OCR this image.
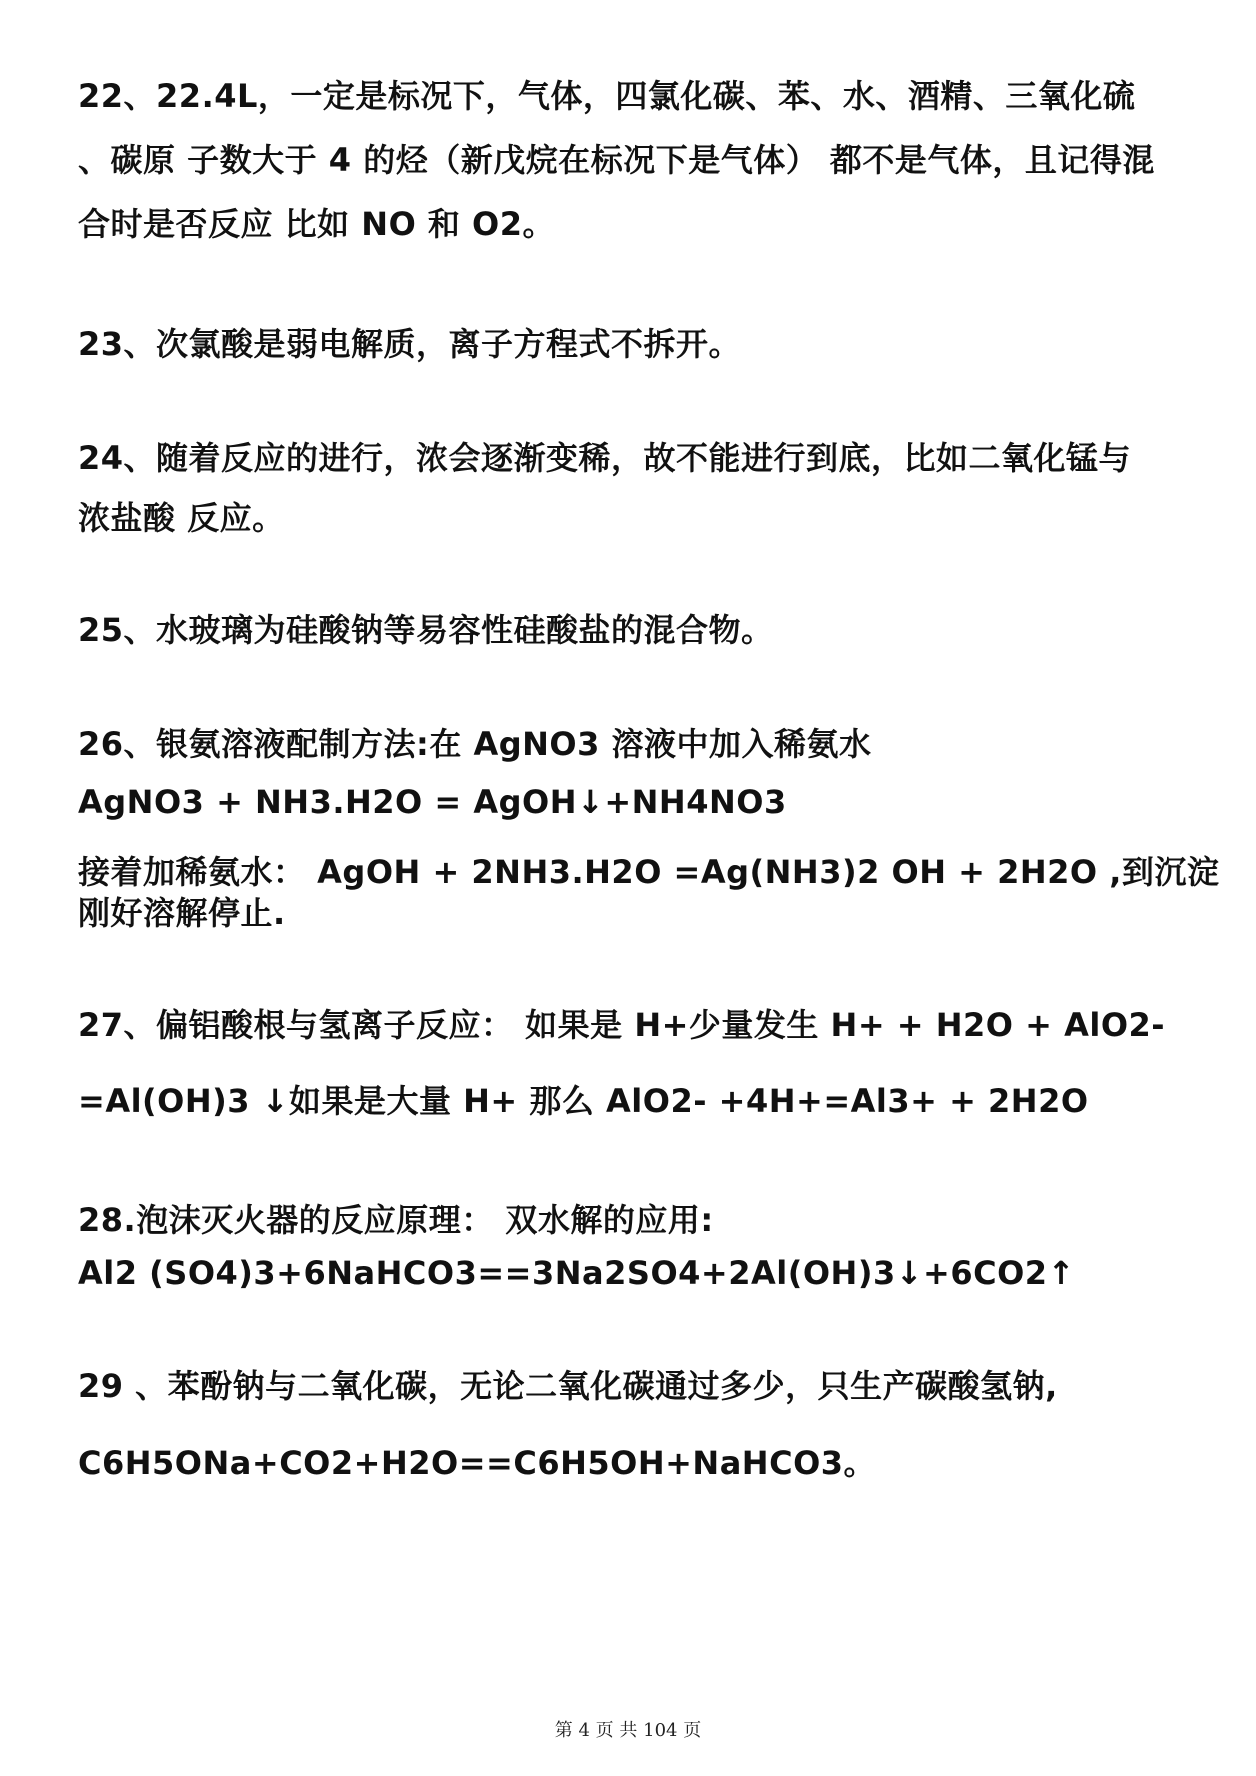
22、22.4L，一定是标况下，气体，四氯化碳、苯、水、酒精、三氧化硫
、碳原 子数大于 4 的烃（新戊烷在标况下是气体） 都不是气体，且记得混
合时是否反应 比如 NO 和 O2。
23、次氯酸是弱电解质，离子方程式不拆开。
24、随着反应的进行，浓会逐渐变稀，故不能进行到底，比如二氧化锰与
浓盐酸 反应。
25、水玻璃为硅酸钠等易容性硅酸盐的混合物。
26、银氨溶液配制方法:在 AgNO3 溶液中加入稀氨水
AgNO3 + NH3.H2O = AgOH↓+NH4NO3
接着加稀氨水： AgOH + 2NH3.H2O =Ag(NH3)2 OH + 2H2O ,到沉淀
刚好溶解停止.
27、偏铝酸根与氢离子反应： 如果是 H+少量发生 H+ + H2O + AlO2-
=Al(OH)3 ↓如果是大量 H+ 那么 AlO2- +4H+=Al3+ + 2H2O
28.泡沫灭火器的反应原理： 双水解的应用:
Al2 (SO4)3+6NaHCO3==3Na2SO4+2Al(OH)3↓+6CO2↑
29 、苯酚钠与二氧化碳，无论二氧化碳通过多少，只生产碳酸氢钠,
C6H5ONa+CO2+H2O==C6H5OH+NaHCO3。
第 4 页 共 104 页
